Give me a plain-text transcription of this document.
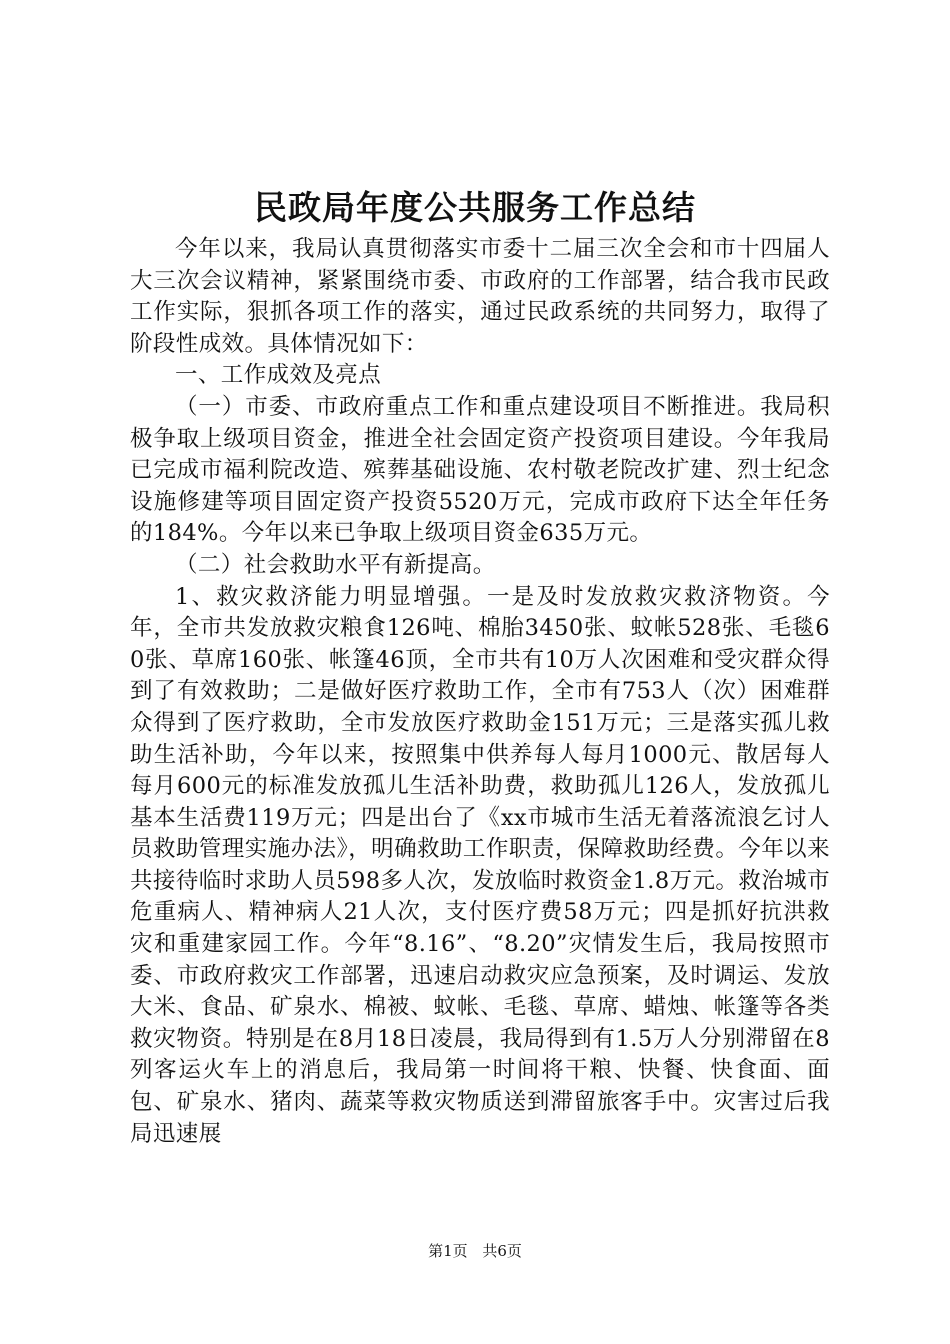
民政局年度公共服务工作总结

今年以来，我局认真贯彻落实市委十二届三次全会和市十四届人大三次会议精神，紧紧围绕市委、市政府的工作部署，结合我市民政工作实际，狠抓各项工作的落实，通过民政系统的共同努力，取得了阶段性成效。具体情况如下：

一、工作成效及亮点

（一）市委、市政府重点工作和重点建设项目不断推进。我局积极争取上级项目资金，推进全社会固定资产投资项目建设。今年我局已完成市福利院改造、殡葬基础设施、农村敬老院改扩建、烈士纪念设施修建等项目固定资产投资5520万元，完成市政府下达全年任务的184%。今年以来已争取上级项目资金635万元。

（二）社会救助水平有新提高。

1、救灾救济能力明显增强。一是及时发放救灾救济物资。今年，全市共发放救灾粮食126吨、棉胎3450张、蚊帐528张、毛毯60张、草席160张、帐篷46顶，全市共有10万人次困难和受灾群众得到了有效救助；二是做好医疗救助工作，全市有753人（次）困难群众得到了医疗救助，全市发放医疗救助金151万元；三是落实孤儿救助生活补助，今年以来，按照集中供养每人每月1000元、散居每人每月600元的标准发放孤儿生活补助费，救助孤儿126人，发放孤儿基本生活费119万元；四是出台了《xx市城市生活无着落流浪乞讨人员救助管理实施办法》，明确救助工作职责，保障救助经费。今年以来共接待临时求助人员598多人次，发放临时救资金1.8万元。救治城市危重病人、精神病人21人次，支付医疗费58万元；四是抓好抗洪救灾和重建家园工作。今年“8.16”、“8.20”灾情发生后，我局按照市委、市政府救灾工作部署，迅速启动救灾应急预案，及时调运、发放大米、食品、矿泉水、棉被、蚊帐、毛毯、草席、蜡烛、帐篷等各类救灾物资。特别是在8月18日凌晨，我局得到有1.5万人分别滞留在8列客运火车上的消息后，我局第一时间将干粮、快餐、快食面、面包、矿泉水、猪肉、蔬菜等救灾物质送到滞留旅客手中。灾害过后我局迅速展

第1页 共6页
